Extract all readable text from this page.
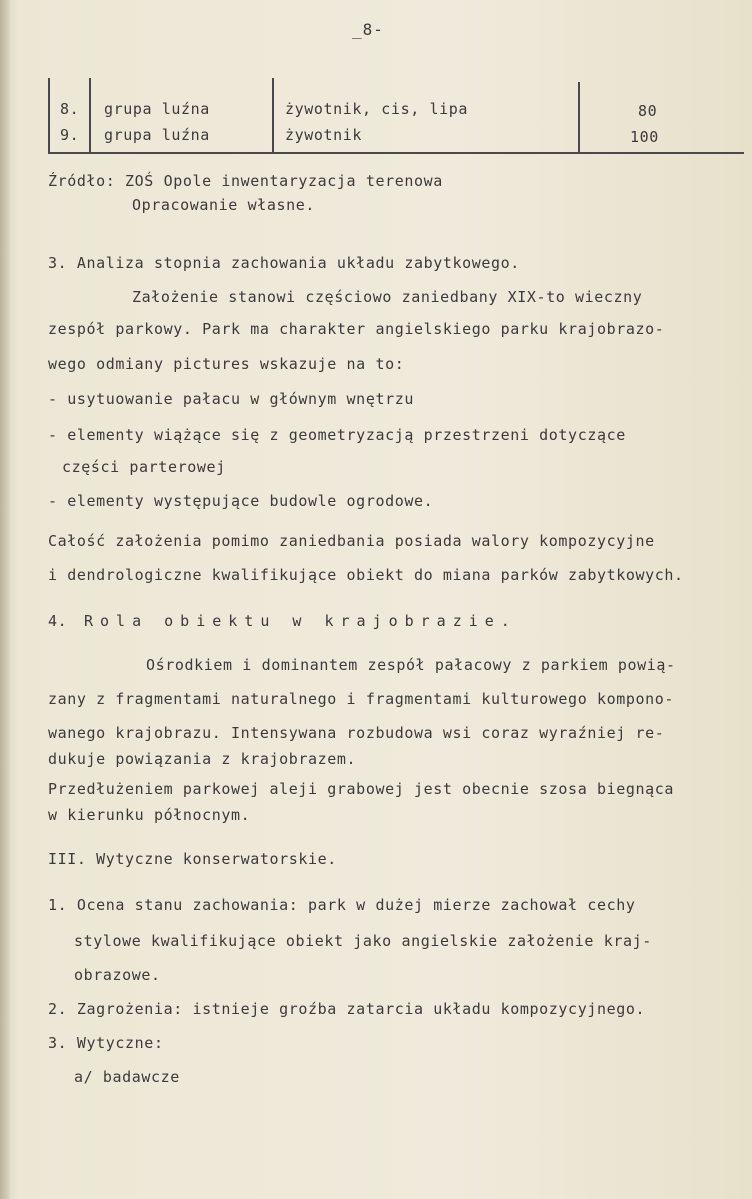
_8-
8. grupa luźna	żywotnik, cis, lipa	80
9. grupa luźna	żywotnik	100
Źródło: ZOŚ Opole inwentaryzacja terenowa
Opracowanie własne.
3. Analiza stopnia zachowania układu zabytkowego.
Założenie stanowi częściowo zaniedbany XIX-to wieczny
zespół parkowy. Park ma charakter angielskiego parku krajobrazo-
wego odmiany pictures wskazuje na to:
- usytuowanie pałacu w głównym wnętrzu
- elementy wiążące się z geometryzacją przestrzeni dotyczące
części parterowej
- elementy występujące budowle ogrodowe.
Całość założenia pomimo zaniedbania posiada walory kompozycyjne
i dendrologiczne kwalifikujące obiekt do miana parków zabytkowych.
4. Rola obiektu w krajobrazie.
Ośrodkiem i dominantem zespół pałacowy z parkiem powią-
zany z fragmentami naturalnego i fragmentami kulturowego kompono-
wanego krajobrazu. Intensywana rozbudowa wsi coraz wyraźniej re-
dukuje powiązania z krajobrazem.
Przedłużeniem parkowej aleji grabowej jest obecnie szosa biegnąca
w kierunku północnym.
III. Wytyczne konserwatorskie.
1. Ocena stanu zachowania: park w dużej mierze zachował cechy
stylowe kwalifikujące obiekt jako angielskie założenie kraj-
obrazowe.
2. Zagrożenia: istnieje groźba zatarcia układu kompozycyjnego.
3. Wytyczne:
a/ badawcze
